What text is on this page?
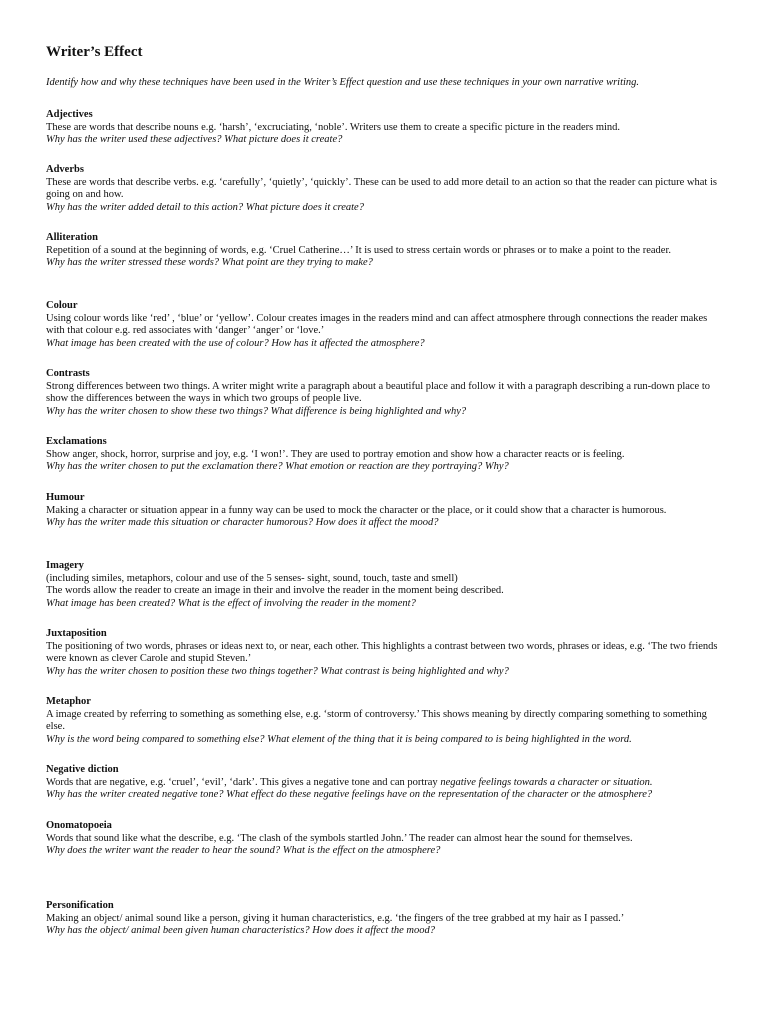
Writer’s Effect
Identify how and why these techniques have been used in the Writer’s Effect question and use these techniques in your own narrative writing.

Adjectives

These are words that describe nouns e.g. ‘harsh’, ‘excruciating, ‘noble’. Writers use them to create a specific picture in the readers mind.

Why has the writer used these adjectives? What picture does it create?

Adverbs

These are words that describe verbs. e.g. ‘carefully’, ‘quietly’, ‘quickly’. These can be used to add more detail to an action so that the reader can picture what is going on and how.

Why has the writer added detail to this action? What picture does it create?

Alliteration

Repetition of a sound at the beginning of words, e.g. ‘Cruel Catherine…’ It is used to stress certain words or phrases or to make a point to the reader.

Why has the writer stressed these words? What point are they trying to make?

Colour

Using colour words like ‘red’ , ‘blue’ or ‘yellow’. Colour creates images in the readers mind and can affect atmosphere through connections the reader makes with that colour e.g. red associates with ‘danger’ ‘anger’ or ‘love.’

What image has been created with the use of colour? How has it affected the atmosphere?

Contrasts

Strong differences between two things. A writer might write a paragraph about a beautiful place and follow it with a paragraph describing a run-down place to show the differences between the ways in which two groups of people live.

Why has the writer chosen to show these two things? What difference is being highlighted and why?

Exclamations

Show anger, shock, horror, surprise and joy, e.g. ‘I won!’. They are used to portray emotion and show how a character reacts or is feeling.

Why has the writer chosen to put the exclamation there? What emotion or reaction are they portraying? Why?

Humour

Making a character or situation appear in a funny way can be used to mock the character or the place, or it could show that a character is humorous.

Why has the writer made this situation or character humorous? How does it affect the mood?

Imagery

(including similes, metaphors, colour and use of the 5 senses- sight, sound, touch, taste and smell)

The words allow the reader to create an image in their and involve the reader in the moment being described.

What image has been created? What is the effect of involving the reader in the moment?

Juxtaposition

The positioning of two words, phrases or ideas next to, or near, each other. This highlights a contrast between two words, phrases or ideas, e.g. ‘The two friends were known as clever Carole and stupid Steven.’

Why has the writer chosen to position these two things together? What contrast is being highlighted and why?

Metaphor

A image created by referring to something as something else, e.g. ‘storm of controversy.’ This shows meaning by directly comparing something to something else.

Why is the word being compared to something else? What element of the thing that it is being compared to is being highlighted in the word.

Negative diction

Words that are negative, e.g. ‘cruel’, ‘evil’, ‘dark’. This gives a negative tone and can portray negative feelings towards a character or situation.

Why has the writer created negative tone? What effect do these negative feelings have on the representation of the character or the atmosphere?

Onomatopoeia

Words that sound like what the describe, e.g. ‘The clash of the symbols startled John.’ The reader can almost hear the sound for themselves.

Why does the writer want the reader to hear the sound? What is the effect on the atmosphere?

Personification

Making an object/ animal sound like a person, giving it human characteristics, e.g. ‘the fingers of the tree grabbed at my hair as I passed.’

Why has the object/ animal been given human characteristics? How does it affect the mood?
